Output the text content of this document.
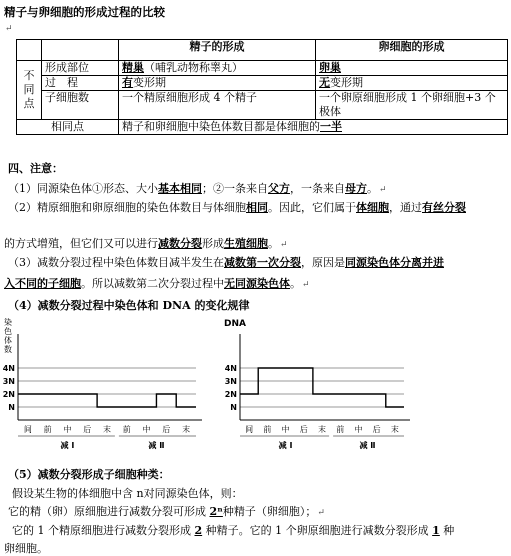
精子与卵细胞的形成过程的比较
↵
		精子的形成	卵细胞的形成
不
同
点	形成部位	精巢（哺乳动物称睾丸）	卵巢
	过　程	有变形期	无变形期
	子细胞数	一个精原细胞形成 4 个精子	一个卵原细胞形成 1 个卵细胞+3 个极体
相同点		精子和卵细胞中染色体数目都是体细胞的一半	
四、注意：
（1）同源染色体①形态、大小基本相同；②一条来自父方，一条来自母方。↵
（2）精原细胞和卵原细胞的染色体数目与体细胞相同。因此，它们属于体细胞，通过有丝分裂
的方式增殖，但它们又可以进行减数分裂形成生殖细胞。↵
（3）减数分裂过程中染色体数目减半发生在减数第一次分裂，原因是同源染色体分离并进
入不同的子细胞。所以减数第二次分裂过程中无同源染色体。↵
（4）减数分裂过程中染色体和 DNA 的变化规律
染
色
体
数
4N
3N
2N
N
间 前 中 后 末 前 中 后 末
减 Ⅰ	减 Ⅱ
DNA
4N
3N
2N
N
间 前 中 后 末 前 中 后 末
减 Ⅰ	减 Ⅱ
（5）减数分裂形成子细胞种类：
假设某生物的体细胞中含 n对同源染色体，则：
它的精（卵）原细胞进行减数分裂可形成 2ⁿ种精子（卵细胞）；↵
它的 1 个精原细胞进行减数分裂形成 2 种精子。它的 1 个卵原细胞进行减数分裂形成 1 种
卵细胞。
